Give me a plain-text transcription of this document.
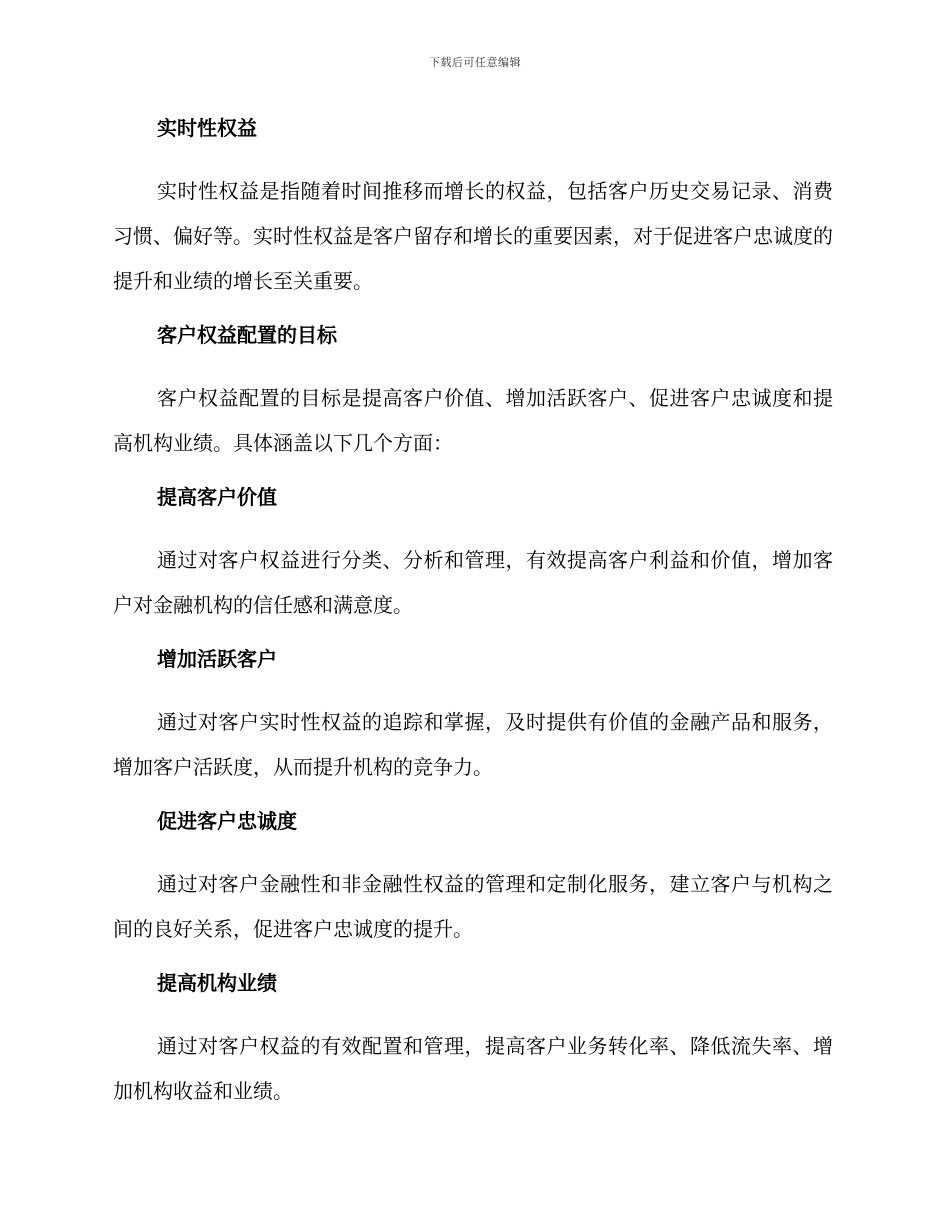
下载后可任意编辑
实时性权益

实时性权益是指随着时间推移而增长的权益，包括客户历史交易记录、消费习惯、偏好等。实时性权益是客户留存和增长的重要因素，对于促进客户忠诚度的提升和业绩的增长至关重要。

客户权益配置的目标

客户权益配置的目标是提高客户价值、增加活跃客户、促进客户忠诚度和提高机构业绩。具体涵盖以下几个方面：

提高客户价值

通过对客户权益进行分类、分析和管理，有效提高客户利益和价值，增加客户对金融机构的信任感和满意度。

增加活跃客户

通过对客户实时性权益的追踪和掌握，及时提供有价值的金融产品和服务，增加客户活跃度，从而提升机构的竞争力。

促进客户忠诚度

通过对客户金融性和非金融性权益的管理和定制化服务，建立客户与机构之间的良好关系，促进客户忠诚度的提升。

提高机构业绩

通过对客户权益的有效配置和管理，提高客户业务转化率、降低流失率、增加机构收益和业绩。
